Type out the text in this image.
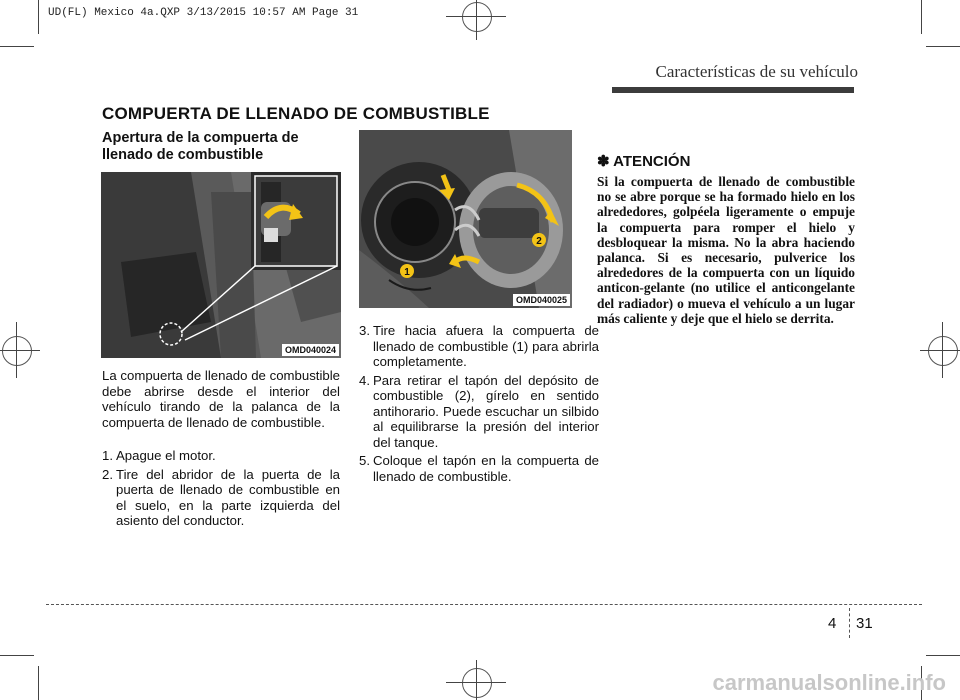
UD(FL) Mexico 4a.QXP 3/13/2015 10:57 AM Page 31
Características de su vehículo
COMPUERTA DE LLENADO DE COMBUSTIBLE
Apertura de la compuerta de llenado de combustible
OMD040024
La compuerta de llenado de combustible debe abrirse desde el interior del vehículo tirando de la palanca de la compuerta de llenado de combustible.
1. Apague el motor.
2. Tire del abridor de la puerta de la puerta de llenado de combustible en el suelo, en la parte izquierda del asiento del conductor.
1
2
OMD040025
3. Tire hacia afuera la compuerta de llenado de combustible (1) para abrirla completamente.
4. Para retirar el tapón del depósito de combustible (2), gírelo en sentido antihorario. Puede escuchar un silbido al equilibrarse la presión del interior del tanque.
5. Coloque el tapón en la compuerta de llenado de combustible.
✽ ATENCIÓN
Si la compuerta de llenado de combustible no se abre porque se ha formado hielo en los alrededores, golpéela ligeramente o empuje la compuerta para romper el hielo y desbloquear la misma. No la abra haciendo palanca. Si es necesario, pulverice los alrededores de la compuerta con un líquido anticon-gelante (no utilice el anticongelante del radiador) o mueva el vehículo a un lugar más caliente y deje que el hielo se derrita.
4 31
carmanualsonline.info
